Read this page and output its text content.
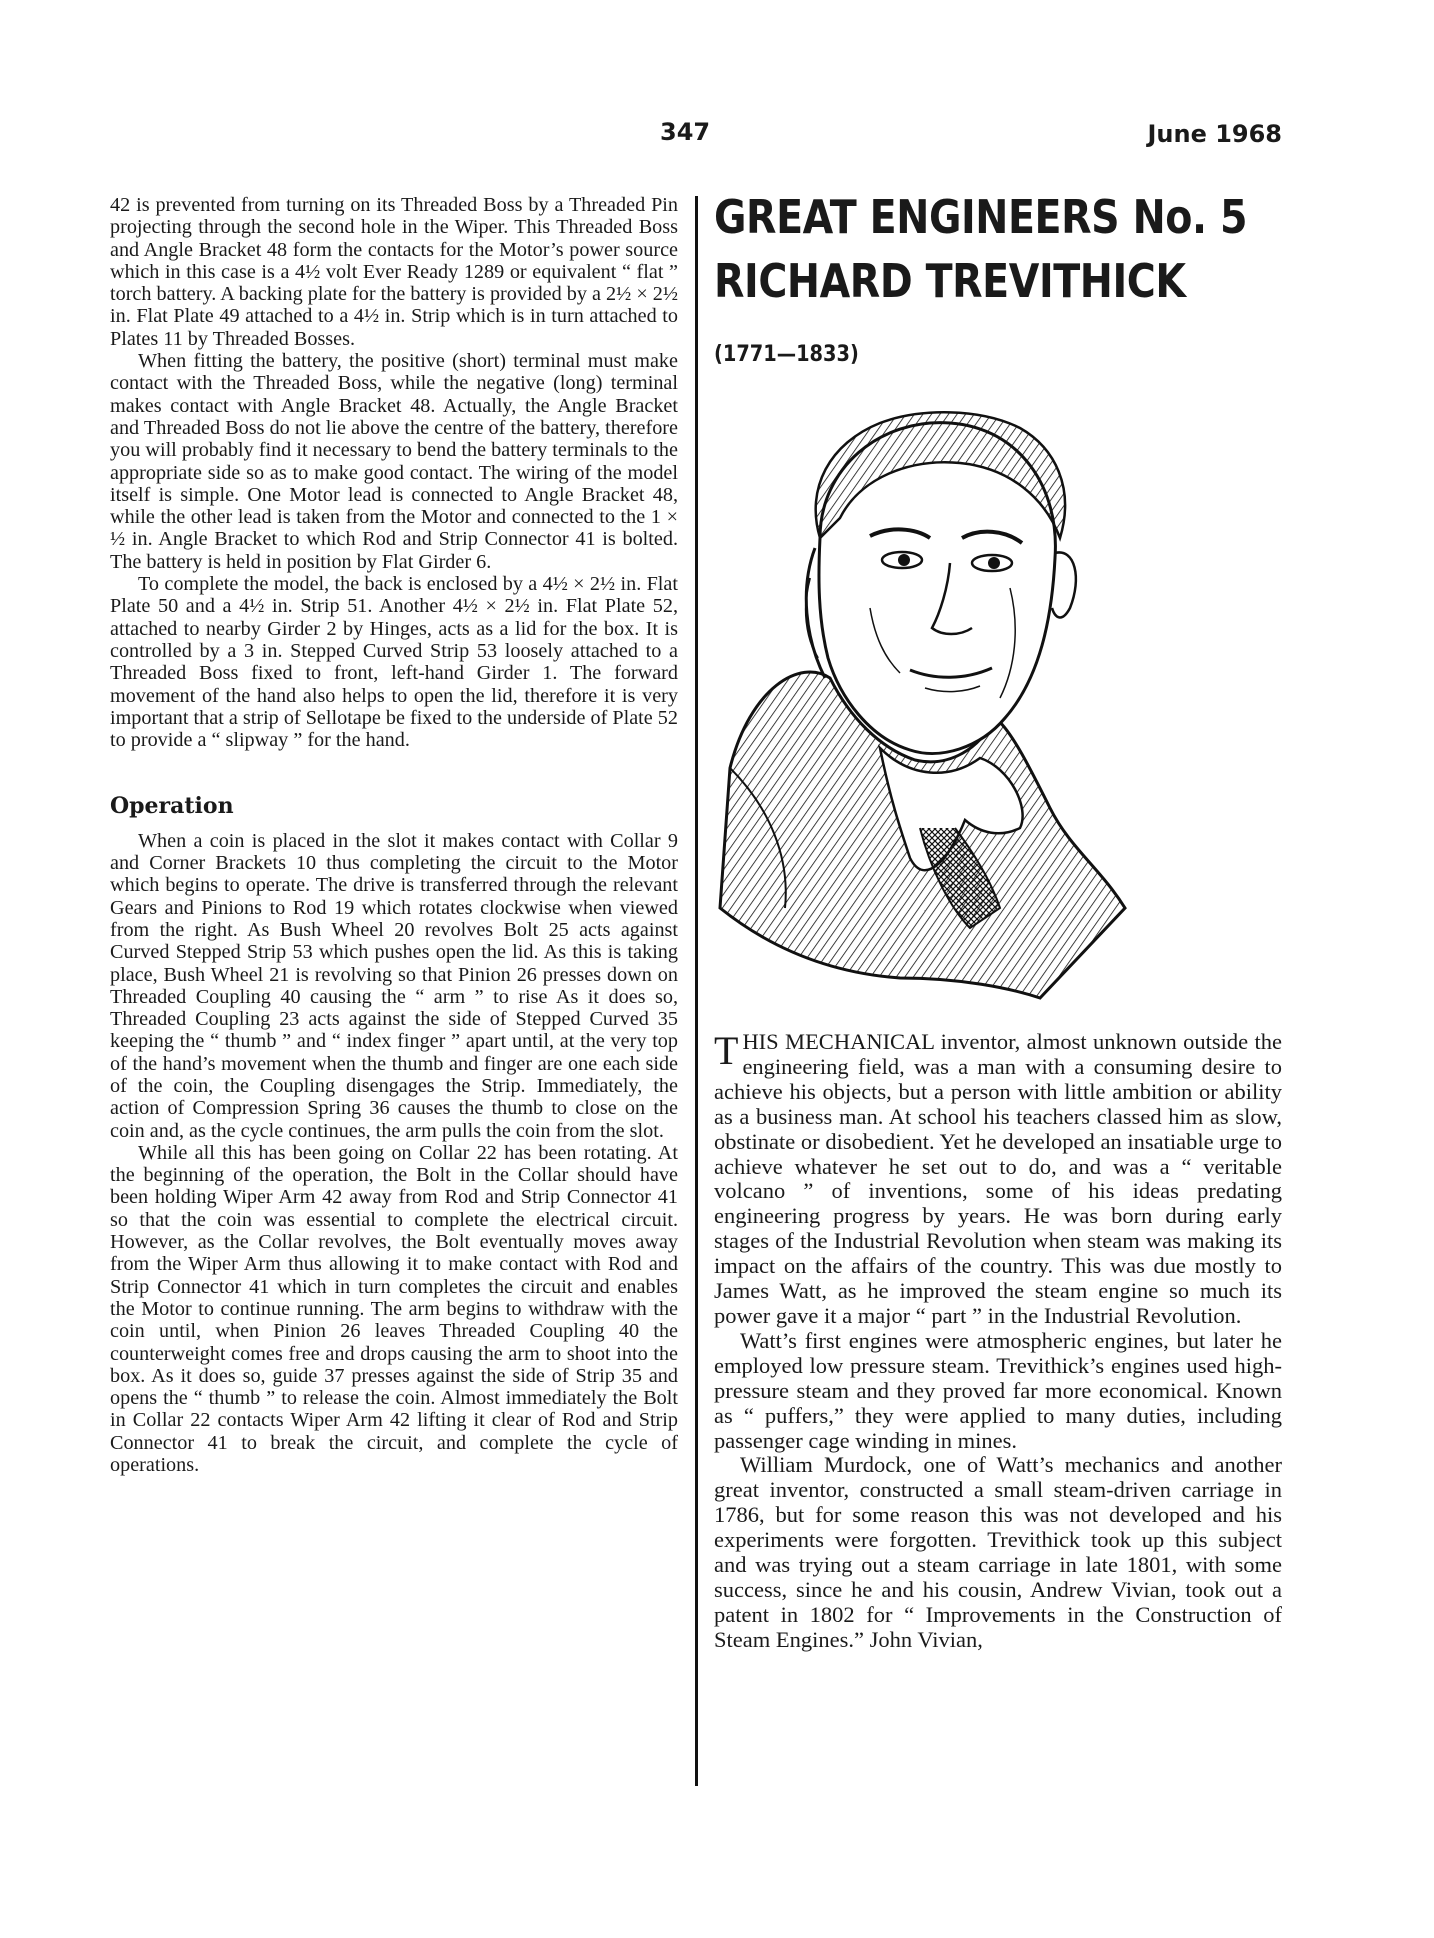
347	June 1968

42 is prevented from turning on its Threaded Boss by a Threaded Pin projecting through the second hole in the Wiper. This Threaded Boss and Angle Bracket 48 form the contacts for the Motor’s power source which in this case is a 4½ volt Ever Ready 1289 or equivalent “ flat ” torch battery. A backing plate for the battery is provided by a 2½ × 2½ in. Flat Plate 49 attached to a 4½ in. Strip which is in turn attached to Plates 11 by Threaded Bosses.

When fitting the battery, the positive (short) terminal must make contact with the Threaded Boss, while the negative (long) terminal makes contact with Angle Bracket 48. Actually, the Angle Bracket and Threaded Boss do not lie above the centre of the battery, therefore you will probably find it necessary to bend the battery terminals to the appropriate side so as to make good contact. The wiring of the model itself is simple. One Motor lead is connected to Angle Bracket 48, while the other lead is taken from the Motor and connected to the 1 × ½ in. Angle Bracket to which Rod and Strip Connector 41 is bolted. The battery is held in position by Flat Girder 6.

To complete the model, the back is enclosed by a 4½ × 2½ in. Flat Plate 50 and a 4½ in. Strip 51. Another 4½ × 2½ in. Flat Plate 52, attached to nearby Girder 2 by Hinges, acts as a lid for the box. It is controlled by a 3 in. Stepped Curved Strip 53 loosely attached to a Threaded Boss fixed to front, left-hand Girder 1. The forward movement of the hand also helps to open the lid, therefore it is very important that a strip of Sellotape be fixed to the underside of Plate 52 to provide a “ slipway ” for the hand.

Operation

When a coin is placed in the slot it makes contact with Collar 9 and Corner Brackets 10 thus completing the circuit to the Motor which begins to operate. The drive is transferred through the relevant Gears and Pinions to Rod 19 which rotates clockwise when viewed from the right. As Bush Wheel 20 revolves Bolt 25 acts against Curved Stepped Strip 53 which pushes open the lid. As this is taking place, Bush Wheel 21 is revolving so that Pinion 26 presses down on Threaded Coupling 40 causing the “ arm ” to rise As it does so, Threaded Coupling 23 acts against the side of Stepped Curved 35 keeping the “ thumb ” and “ index finger ” apart until, at the very top of the hand’s movement when the thumb and finger are one each side of the coin, the Coupling disengages the Strip. Immediately, the action of Compression Spring 36 causes the thumb to close on the coin and, as the cycle continues, the arm pulls the coin from the slot.

While all this has been going on Collar 22 has been rotating. At the beginning of the operation, the Bolt in the Collar should have been holding Wiper Arm 42 away from Rod and Strip Connector 41 so that the coin was essential to complete the electrical circuit. However, as the Collar revolves, the Bolt eventually moves away from the Wiper Arm thus allowing it to make contact with Rod and Strip Connector 41 which in turn completes the circuit and enables the Motor to continue running. The arm begins to withdraw with the coin until, when Pinion 26 leaves Threaded Coupling 40 the counterweight comes free and drops causing the arm to shoot into the box. As it does so, guide 37 presses against the side of Strip 35 and opens the “ thumb ” to release the coin. Almost immediately the Bolt in Collar 22 contacts Wiper Arm 42 lifting it clear of Rod and Strip Connector 41 to break the circuit, and complete the cycle of operations.

GREAT ENGINEERS No. 5
RICHARD TREVITHICK
(1771—1833)

THIS MECHANICAL inventor, almost unknown outside the engineering field, was a man with a consuming desire to achieve his objects, but a person with little ambition or ability as a business man. At school his teachers classed him as slow, obstinate or disobedient. Yet he developed an insatiable urge to achieve whatever he set out to do, and was a “ veritable volcano ” of inventions, some of his ideas predating engineering progress by years. He was born during early stages of the Industrial Revolution when steam was making its impact on the affairs of the country. This was due mostly to James Watt, as he improved the steam engine so much its power gave it a major “ part ” in the Industrial Revolution.

Watt’s first engines were atmospheric engines, but later he employed low pressure steam. Trevithick’s engines used high-pressure steam and they proved far more economical. Known as “ puffers,” they were applied to many duties, including passenger cage winding in mines.

William Murdock, one of Watt’s mechanics and another great inventor, constructed a small steam-driven carriage in 1786, but for some reason this was not developed and his experiments were forgotten. Trevithick took up this subject and was trying out a steam carriage in late 1801, with some success, since he and his cousin, Andrew Vivian, took out a patent in 1802 for “ Improvements in the Construction of Steam Engines.” John Vivian,
